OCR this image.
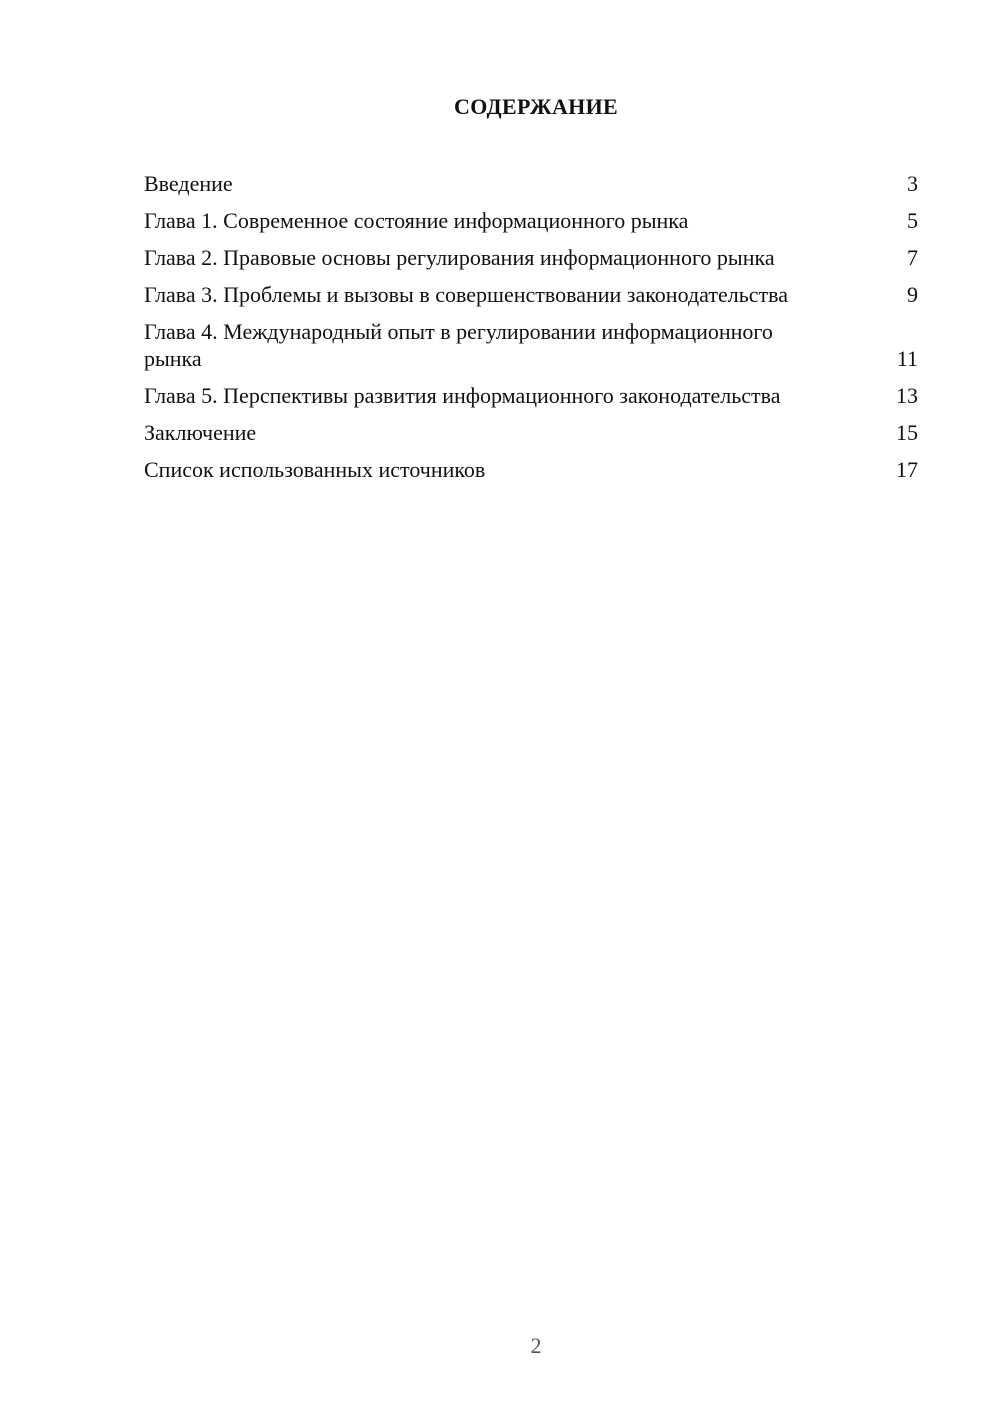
СОДЕРЖАНИЕ
Введение	3
Глава 1. Современное состояние информационного рынка	5
Глава 2. Правовые основы регулирования информационного рынка	7
Глава 3. Проблемы и вызовы в совершенствовании законодательства	9
Глава 4. Международный опыт в регулировании информационного рынка	11
Глава 5. Перспективы развития информационного законодательства	13
Заключение	15
Список использованных источников	17
2
